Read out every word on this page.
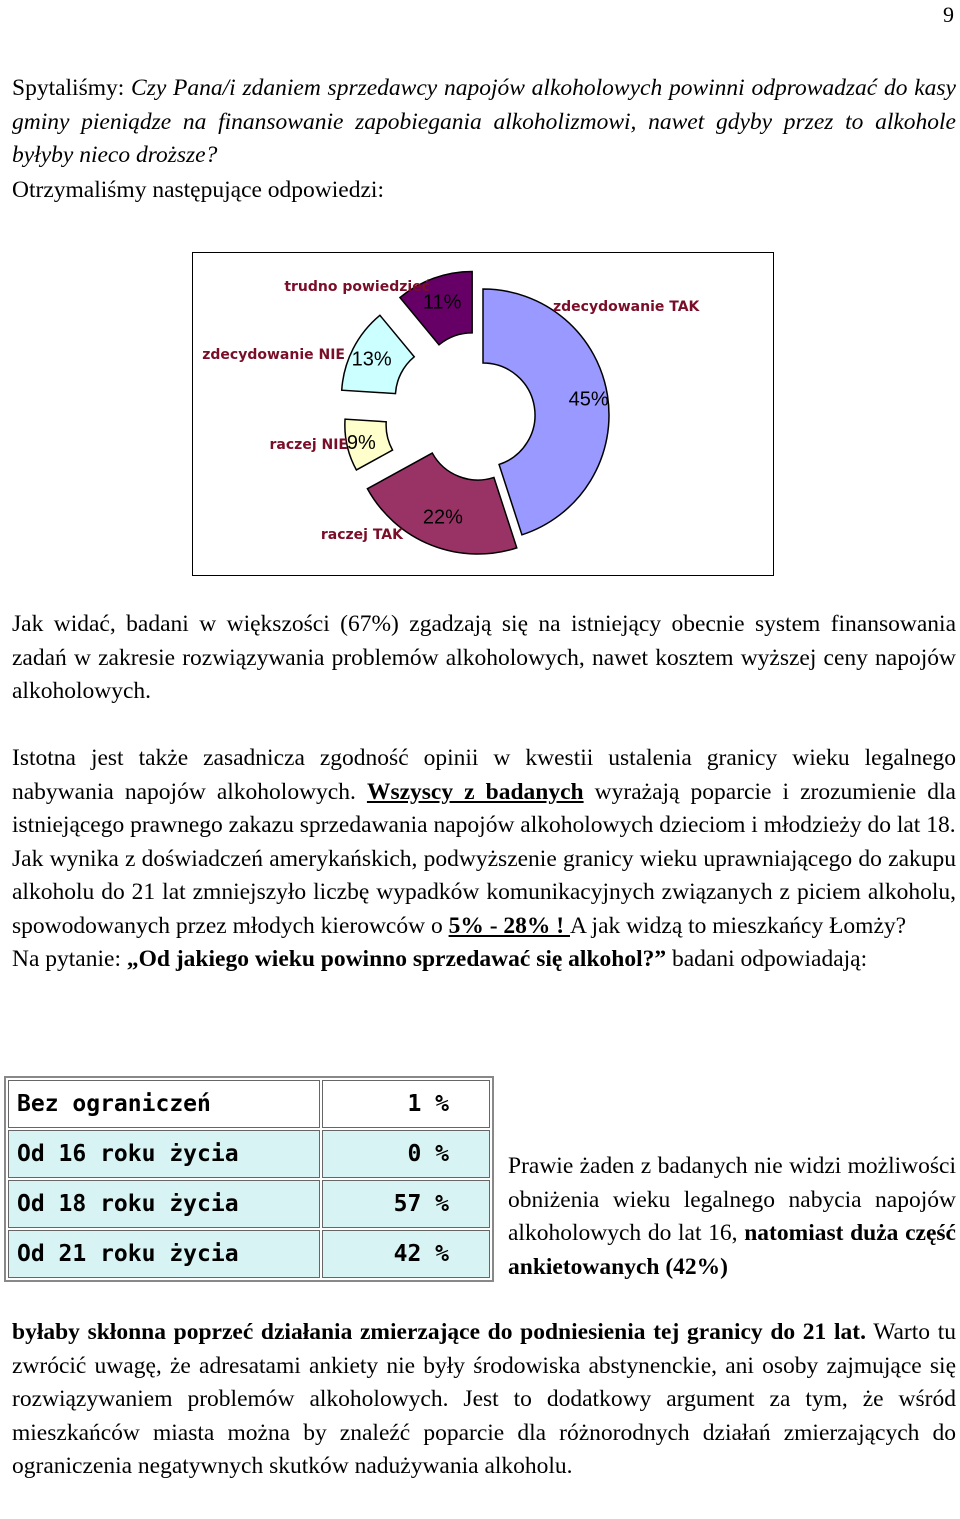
9

Spytaliśmy: Czy Pana/i zdaniem sprzedawcy napojów alkoholowych powinni odprowadzać do kasy gminy pieniądze na finansowanie zapobiegania alkoholizmowi, nawet gdyby przez to alkohole byłyby nieco droższe?

Otrzymaliśmy następujące odpowiedzi:

45%
22%
9%
13%
11%	zdecydowanie TAK
raczej TAK
raczej NIE
zdecydowanie NIE
trudno powiedzieć

Jak widać, badani w większości (67%) zgadzają się na istniejący obecnie system finansowania zadań w zakresie rozwiązywania problemów alkoholowych, nawet kosztem wyższej ceny napojów alkoholowych.

Istotna jest także zasadnicza zgodność opinii w kwestii ustalenia granicy wieku legalnego nabywania napojów alkoholowych. Wszyscy z badanych wyrażają poparcie i zrozumienie dla istniejącego prawnego zakazu sprzedawania napojów alkoholowych dzieciom i młodzieży do lat 18.
Jak wynika z doświadczeń amerykańskich, podwyższenie granicy wieku uprawniającego do zakupu alkoholu do 21 lat zmniejszyło liczbę wypadków komunikacyjnych związanych z piciem alkoholu, spowodowanych przez młodych kierowców o 5% - 28% ! A jak widzą to mieszkańcy Łomży?
Na pytanie: „Od jakiego wieku powinno sprzedawać się alkohol?” badani odpowiadają:

Bez ograniczeń	1 %
Od 16 roku życia	0 %
Od 18 roku życia	57 %
Od 21 roku życia	42 %
Prawie żaden z badanych nie widzi możliwości obniżenia wieku legalnego nabycia napojów alkoholowych do lat 16, natomiast duża część ankietowanych (42%)

byłaby skłonna poprzeć działania zmierzające do podniesienia tej granicy do 21 lat. Warto tu zwrócić uwagę, że adresatami ankiety nie były środowiska abstynenckie, ani osoby zajmujące się rozwiązywaniem problemów alkoholowych. Jest to dodatkowy argument za tym, że wśród mieszkańców miasta można by znaleźć poparcie dla różnorodnych działań zmierzających do ograniczenia negatywnych skutków nadużywania alkoholu.
